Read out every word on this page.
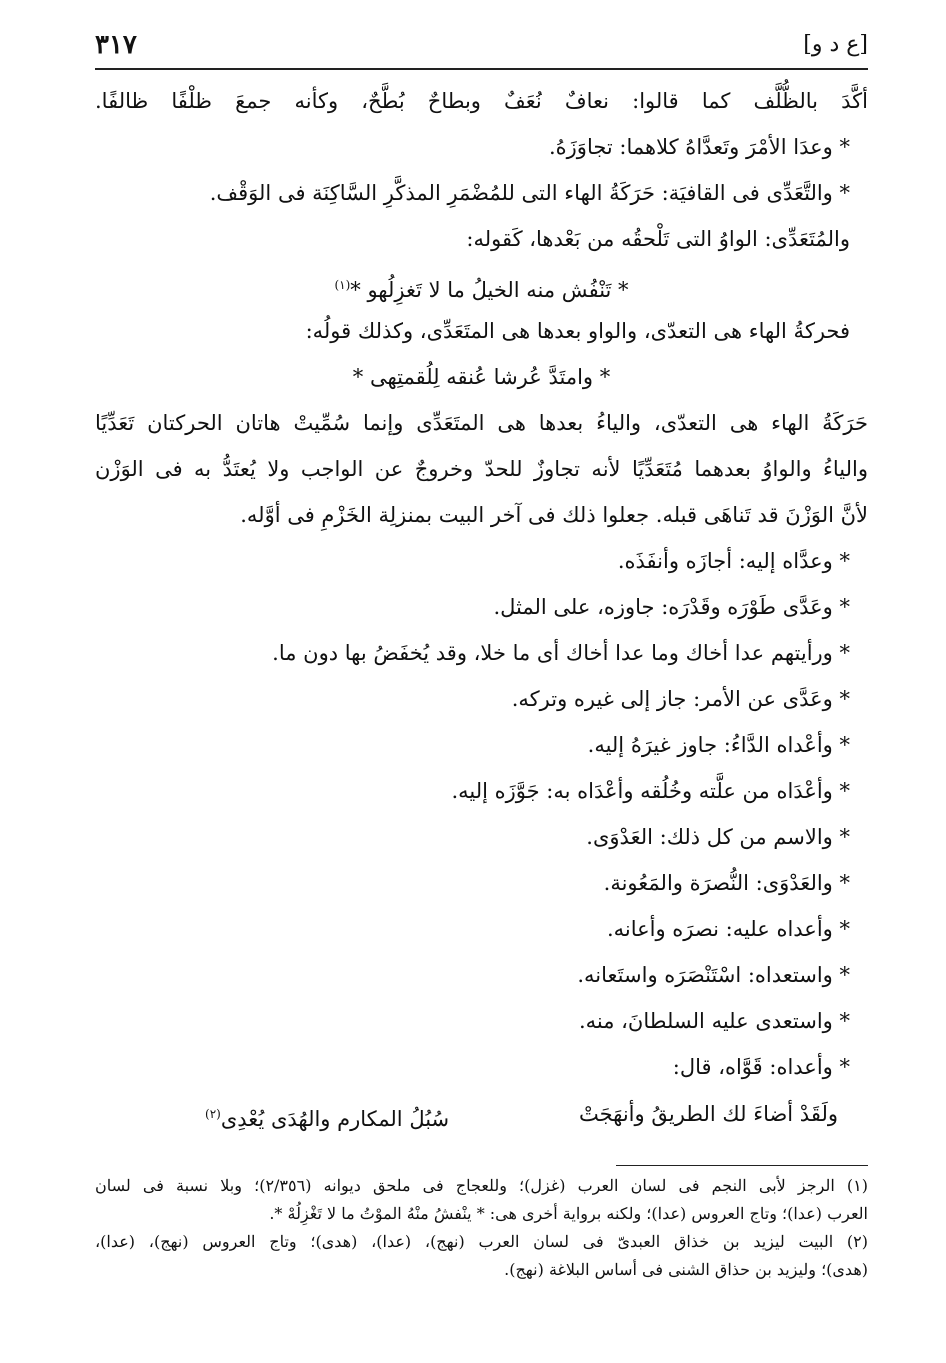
[ع د و]
٣١٧

أكَّدَ بالظُّلَّف كما قالوا: نعافٌ نُعَفٌ وبطاحٌ بُطَّحٌ، وكأنه جمعَ ظلْفًا ظالفًا.

* وعدَا الأمْرَ وتَعدَّاهُ كلاهما: تجاوَزَهُ.

* والتَّعَدِّى فى القافيَة: حَرَكَةُ الهاء التى للمُضْمَرِ المذكَّرِ السَّاكِنَة فى الوَقْف.

والمُتَعَدِّى: الواوُ التى تَلْحقُه من بَعْدها، كَقوله:

* تَنْفُش منه الخيلُ ما لا تَغزِلُهو *$^{(١)}$

فحركةُ الهاء هى التعدّى، والواو بعدها هى المتَعَدِّى، وكذلك قولُه:

* وامتَدَّ عُرشا عُنقه لِلُقمتِهى *

حَرَكَةُ الهاء هى التعدّى، والياءُ بعدها هى المتَعَدِّى وإنما سُمِّيتْ هاتان الحركتان تَعَدِّيًا

والياءُ والواوُ بعدهما مُتَعَدِّيًا لأنه تجاوزٌ للحدّ وخروجٌ عن الواجب ولا يُعتَدُّ به فى الوَزْن

لأنَّ الوَزْنَ قد تَناهَى قبله. جعلوا ذلك فى آخر البيت بمنزلِة الخَزْمِ فى أوَّله.

* وعدَّاه إليه: أجازَه وأنفَذَه.

* وعَدَّى طَوْرَه وقَدْرَه: جاوزه، على المثل.

* ورأيتهم عدا أخاك وما عدا أخاك أى ما خلا، وقد يُخفَضُ بها دون ما.

* وعَدَّى عن الأمر: جاز إلى غيره وتركه.

* وأعْداه الدَّاءُ: جاوز غيرَهُ إليه.

* وأعْدَاه من علَّته وخُلُقه وأعْدَاه به: جَوَّزَه إليه.

* والاسم من كل ذلك: العَدْوَى.

* والعَدْوَى: النُّصرَة والمَعُونة.

* وأعداه عليه: نصرَه وأعانه.

* واستعداه: اسْتَنْصَرَه واستَعانه.

* واستعدى عليه السلطانَ، منه.

* وأعداه: قَوَّاه، قال:

ولَقَدْ أضاءَ لك الطريقُ وأنهَجَتْ
سُبُلُ المكارم والهُدَى يُعْدِى$^{(٢)}$

(١) الرجز لأبى النجم فى لسان العرب (غزل)؛ وللعجاج فى ملحق ديوانه (٢/٣٥٦)؛ وبلا نسبة فى لسان

العرب (عدا)؛ وتاج العروس (عدا)؛ ولكنه برواية أخرى هى: * ينْفشُ منْهُ الموْتُ ما لا تَغْزِلُهْ *.

(٢) البيت ليزيد بن خذاق العبدىّ فى لسان العرب (نهج)، (عدا)، (هدى)؛ وتاج العروس (نهج)، (عدا)،

(هدى)؛ وليزيد بن حذاق الشنى فى أساس البلاغة (نهج).
